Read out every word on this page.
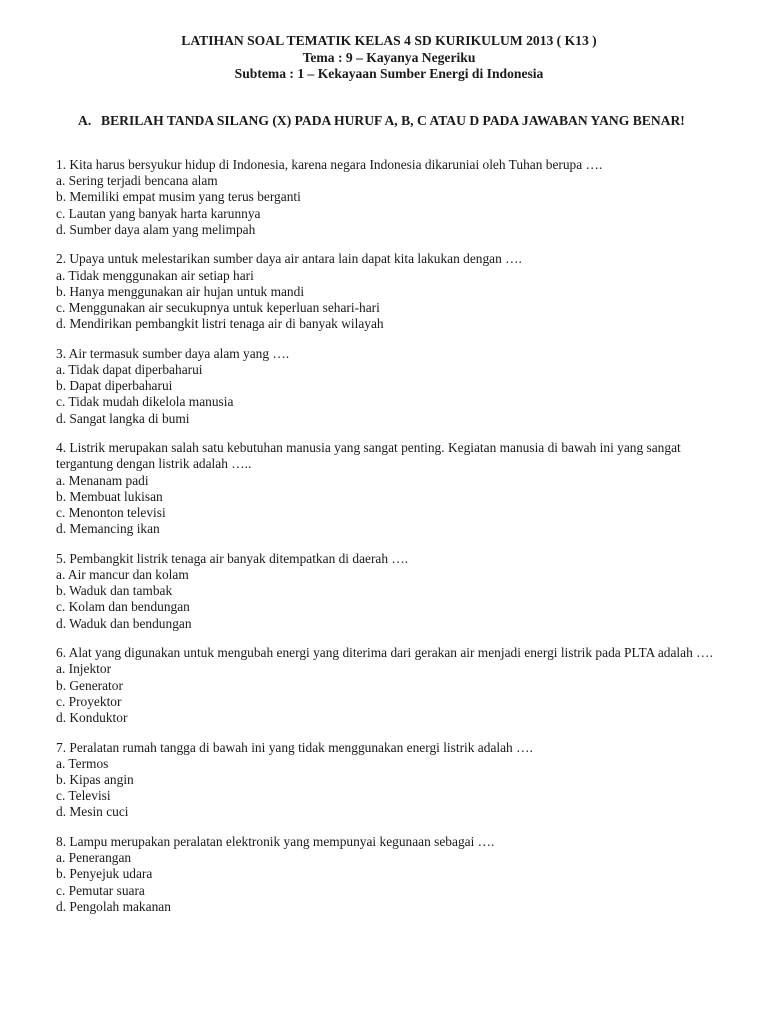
LATIHAN SOAL TEMATIK KELAS 4 SD KURIKULUM 2013 ( K13 )
Tema : 9 – Kayanya Negeriku
Subtema : 1 – Kekayaan Sumber Energi di Indonesia
A. BERILAH TANDA SILANG (X) PADA HURUF A, B, C ATAU D PADA JAWABAN YANG BENAR!
1. Kita harus bersyukur hidup di Indonesia, karena negara Indonesia dikaruniai oleh Tuhan berupa ….
a. Sering terjadi bencana alam
b. Memiliki empat musim yang terus berganti
c. Lautan yang banyak harta karunnya
d. Sumber daya alam yang melimpah
2. Upaya untuk melestarikan sumber daya air antara lain dapat kita lakukan dengan ….
a. Tidak menggunakan air setiap hari
b. Hanya menggunakan air hujan untuk mandi
c. Menggunakan air secukupnya untuk keperluan sehari-hari
d. Mendirikan pembangkit listri tenaga air di banyak wilayah
3. Air termasuk sumber daya alam yang ….
a. Tidak dapat diperbaharui
b. Dapat diperbaharui
c. Tidak mudah dikelola manusia
d. Sangat langka di bumi
4. Listrik merupakan salah satu kebutuhan manusia yang sangat penting. Kegiatan manusia di bawah ini yang sangat tergantung dengan listrik adalah …..
a. Menanam padi
b. Membuat lukisan
c. Menonton televisi
d. Memancing ikan
5. Pembangkit listrik tenaga air banyak ditempatkan di daerah ….
a. Air mancur dan kolam
b. Waduk dan tambak
c. Kolam dan bendungan
d. Waduk dan bendungan
6. Alat yang digunakan untuk mengubah energi yang diterima dari gerakan air menjadi energi listrik pada PLTA adalah ….
a. Injektor
b. Generator
c. Proyektor
d. Konduktor
7. Peralatan rumah tangga di bawah ini yang tidak menggunakan energi listrik adalah ….
a. Termos
b. Kipas angin
c. Televisi
d. Mesin cuci
8. Lampu merupakan peralatan elektronik yang mempunyai kegunaan sebagai ….
a. Penerangan
b. Penyejuk udara
c. Pemutar suara
d. Pengolah makanan
